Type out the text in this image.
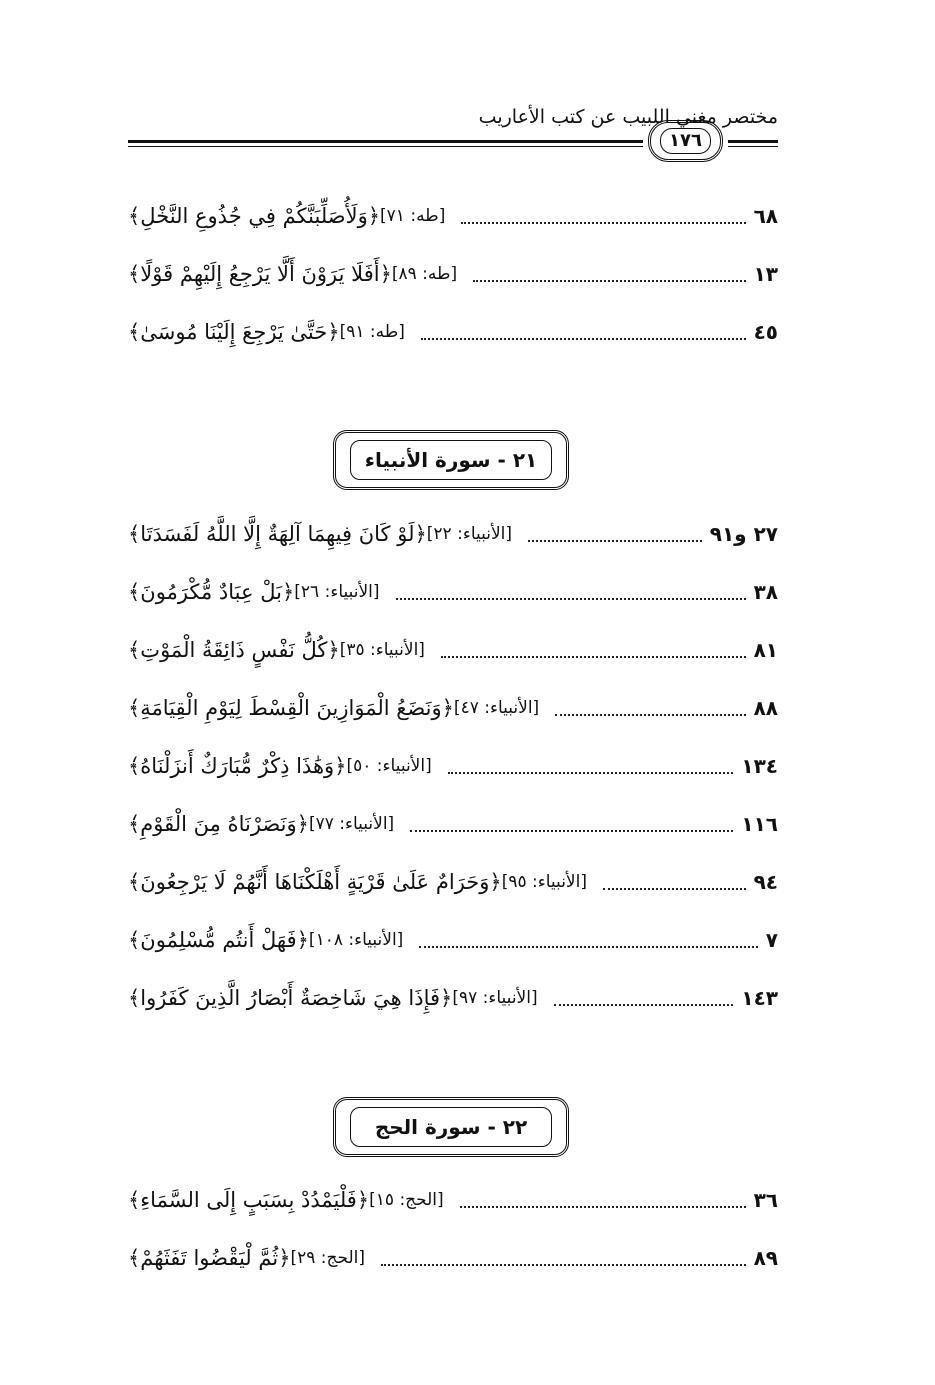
١٧٦
مختصر مغني اللبيب عن كتب الأعاريب
﴿وَلَأُصَلِّبَنَّكُمْ فِي جُذُوعِ النَّخْلِ﴾ [طه: ٧١]	٦٨
﴿أَفَلَا يَرَوْنَ أَلَّا يَرْجِعُ إِلَيْهِمْ قَوْلًا﴾ [طه: ٨٩]	١٣
﴿حَتَّىٰ يَرْجِعَ إِلَيْنَا مُوسَىٰ﴾ [طه: ٩١]	٤٥
٢١ - سورة الأنبياء
﴿لَوْ كَانَ فِيهِمَا آلِهَةٌ إِلَّا اللَّهُ لَفَسَدَتَا﴾ [الأنبياء: ٢٢]	٢٧ و٩١
﴿بَلْ عِبَادٌ مُّكْرَمُونَ﴾ [الأنبياء: ٢٦]	٣٨
﴿كُلُّ نَفْسٍ ذَائِقَةُ الْمَوْتِ﴾ [الأنبياء: ٣٥]	٨١
﴿وَنَضَعُ الْمَوَازِينَ الْقِسْطَ لِيَوْمِ الْقِيَامَةِ﴾ [الأنبياء: ٤٧]	٨٨
﴿وَهَٰذَا ذِكْرٌ مُّبَارَكٌ أَنزَلْنَاهُ﴾ [الأنبياء: ٥٠]	١٣٤
﴿وَنَصَرْنَاهُ مِنَ الْقَوْمِ﴾ [الأنبياء: ٧٧]	١١٦
﴿وَحَرَامٌ عَلَىٰ قَرْيَةٍ أَهْلَكْنَاهَا أَنَّهُمْ لَا يَرْجِعُونَ﴾ [الأنبياء: ٩٥]	٩٤
﴿فَهَلْ أَنتُم مُّسْلِمُونَ﴾ [الأنبياء: ١٠٨]	٧
﴿فَإِذَا هِيَ شَاخِصَةٌ أَبْصَارُ الَّذِينَ كَفَرُوا﴾ [الأنبياء: ٩٧]	١٤٣
٢٢ - سورة الحج
﴿فَلْيَمْدُدْ بِسَبَبٍ إِلَى السَّمَاءِ﴾ [الحج: ١٥]	٣٦
﴿ثُمَّ لْيَقْضُوا تَفَثَهُمْ﴾ [الحج: ٢٩]	٨٩
